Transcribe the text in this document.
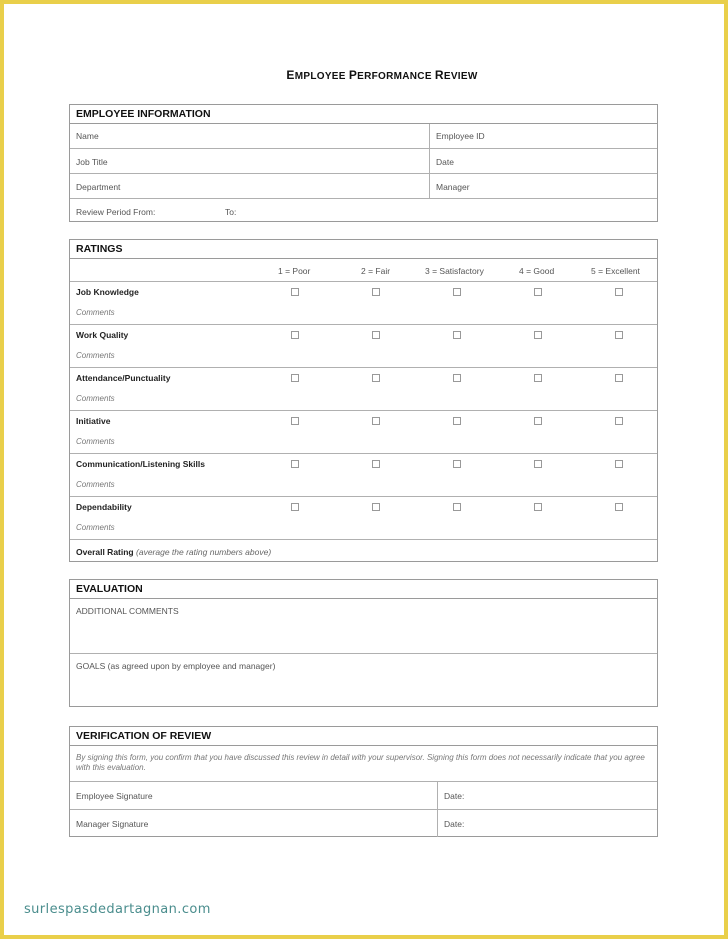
EMPLOYEE PERFORMANCE REVIEW
EMPLOYEE INFORMATION
Name	Employee ID
Job Title	Date
Department	Manager
Review Period From:	To:
RATINGS
1 = Poor	2 = Fair	3 = Satisfactory	4 = Good	5 = Excellent
Job Knowledge
Comments
Work Quality
Comments
Attendance/Punctuality
Comments
Initiative
Comments
Communication/Listening Skills
Comments
Dependability
Comments
Overall Rating (average the rating numbers above)
EVALUATION
ADDITIONAL COMMENTS
GOALS (as agreed upon by employee and manager)
VERIFICATION OF REVIEW
By signing this form, you confirm that you have discussed this review in detail with your supervisor. Signing this form does not necessarily indicate that you agree with this evaluation.
Employee Signature	Date:
Manager Signature	Date:
surlespasdedartagnan.com
